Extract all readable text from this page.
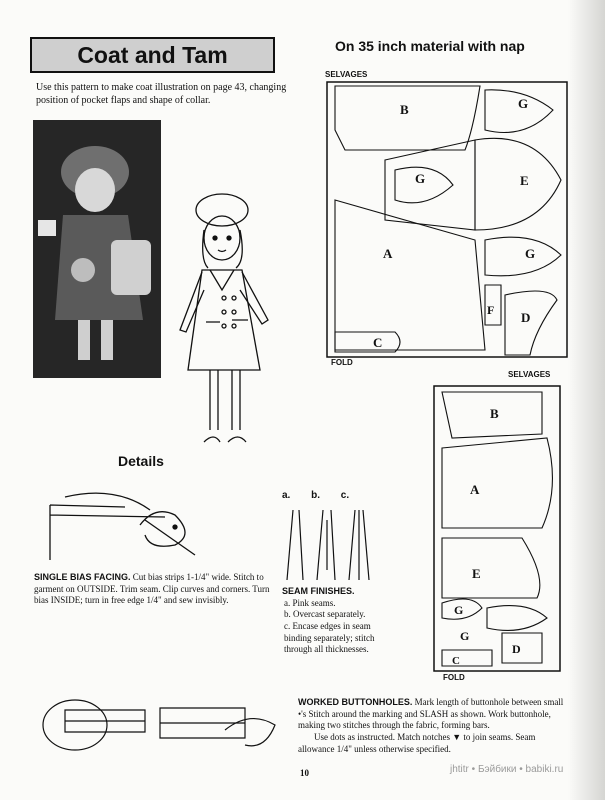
Coat and Tam	On 35 inch material with nap
Use this pattern to make coat illustration on page 43, changing position of pocket flaps and shape of collar.
B	G
G	E
A	G
F D
C
SELVAGES
FOLD
B
A
E
G
G
D
C
SELVAGES
FOLD
Details
SINGLE BIAS FACING. Cut bias strips 1-1/4" wide. Stitch to garment on OUTSIDE. Trim seam. Clip curves and corners. Turn bias INSIDE; turn in free edge 1/4" and sew invisibly.
a. b. c.
SEAM FINISHES.
a. Pink seams.
b. Overcast separately.
c. Encase edges in seam binding separately; stitch through all thicknesses.
WORKED BUTTONHOLES. Mark length of buttonhole between small •'s Stitch around the marking and SLASH as shown. Work buttonhole, making two stitches through the fabric, forming bars.
Use dots as instructed. Match notches ▼ to join seams. Seam allowance 1/4" unless otherwise specified.
10	jhtitr • Бэйбики • babiki.ru
